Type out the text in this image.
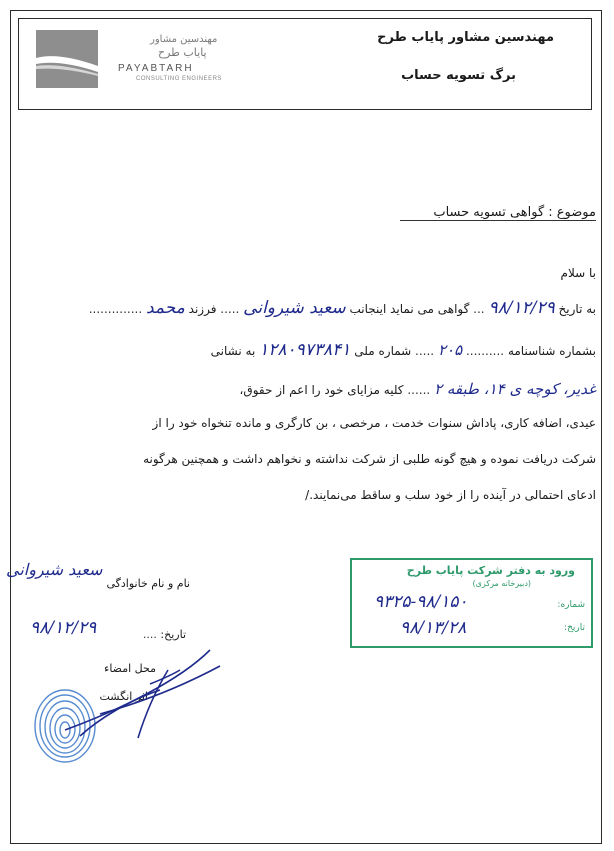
مهندسین مشاور
پایاب طرح
PAYABTARH
CONSULTING ENGINEERS
مهندسین مشاور پایاب طرح
برگ تسویه حساب
موضوع : گواهی تسویه حساب
با سلام
به تاریخ ۹۸/۱۲/۲۹ ... گواهی می نماید اینجانب سعید شیروانی ..... فرزند محمد ..............
بشماره شناسنامه .......... ۲۰۵ ..... شماره ملی ۱۲۸۰۹۷۳۸۴۱ به نشانی
غدیر، کوچه ی ۱۴، طبقه ۲ ...... کلیه مزایای خود را اعم از حقوق،
عیدی، اضافه کاری، پاداش سنوات خدمت ، مرخصی ، بن کارگری و مانده تنخواه خود را از
شرکت دریافت نموده و هیچ گونه طلبی از شرکت نداشته و نخواهم داشت و همچنین هرگونه
ادعای احتمالی در آینده را از خود سلب و ساقط می‌نمایند./
ورود به دفتر شرکت پایاب طرح
(دبیرخانه مرکزی)
شماره:
۹۳۲۵-۹۸/۱۵۰
تاریخ:
۹۸/۱۳/۲۸
نام و نام خانوادگی
سعید شیروانی
تاریخ: ....
۹۸/۱۲/۲۹
محل امضاء
اثر انگشت
